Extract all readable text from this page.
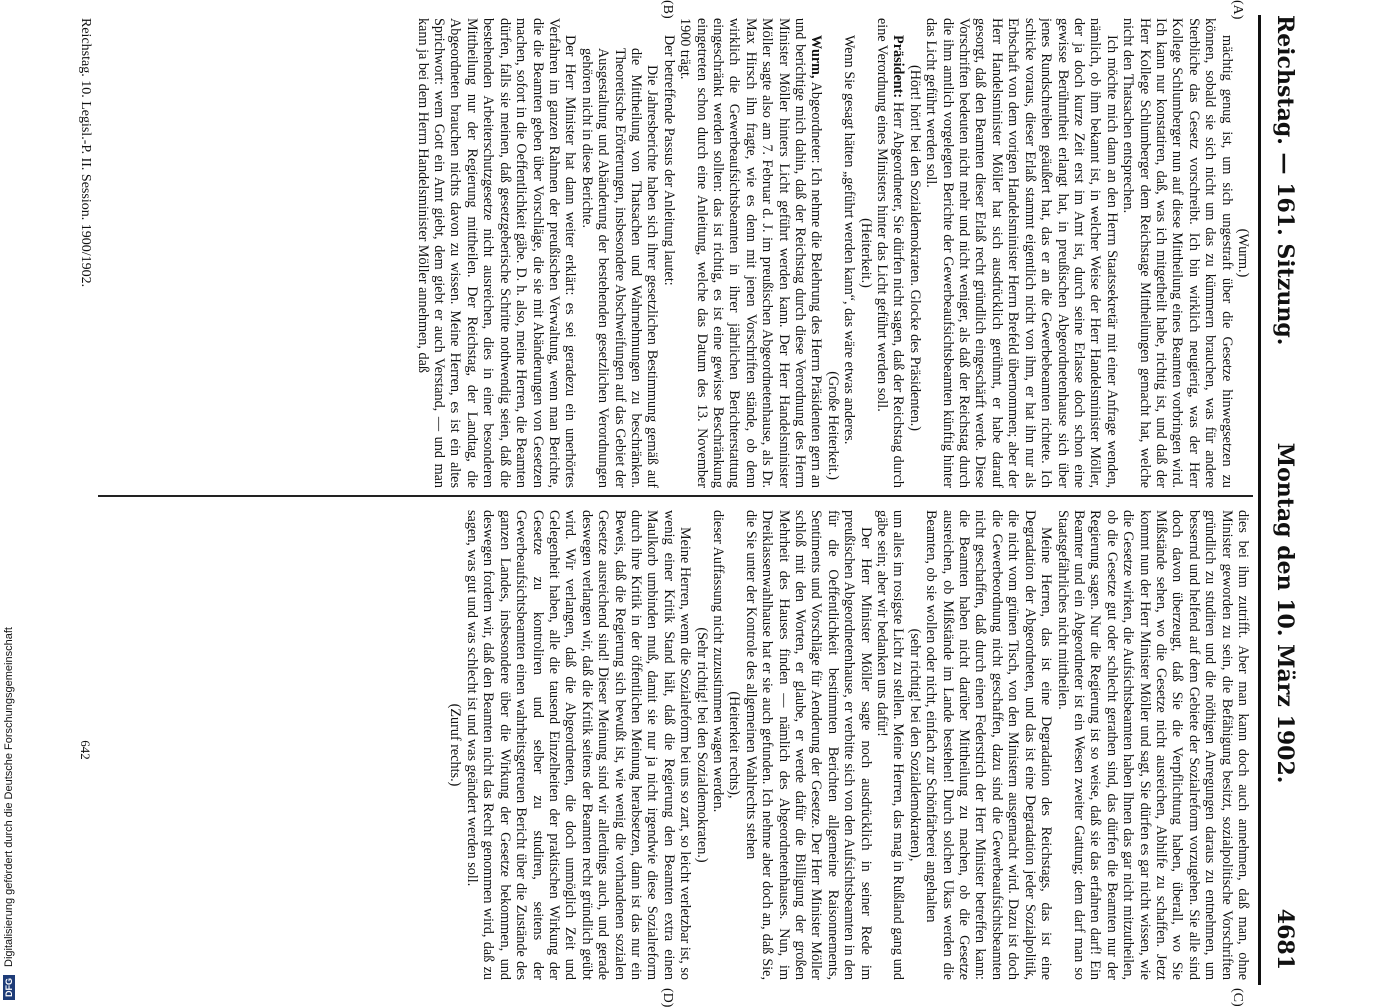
Reichstag. — 161. Sitzung.
Montag den 10. März 1902.  4681
(A)
(B)
(C)
(D)

(Wurm.)

mächtig genug ist, um sich ungestraft über die Gesetze hinwegsetzen zu können, sobald sie sich nicht um das zu kümmern brauchen, was für andere Sterbliche das Gesetz vorschreibt. Ich bin wirklich neugierig, was der Herr Kollege Schlumberger nun auf diese Mittheilung eines Beamten vorbringen wird. Ich kann nur konstatiren, daß, was ich mitgetheilt habe, richtig ist, und daß der Herr Kollege Schlumberger dem Reichstage Mittheilungen gemacht hat, welche nicht den Thatsachen entsprechen.

Ich möchte mich dann an den Herrn Staatssekretär mit einer Anfrage wenden, nämlich, ob ihm bekannt ist, in welcher Weise der Herr Handelsminister Möller, der ja doch kurze Zeit erst im Amt ist, durch seine Erlasse doch schon eine gewisse Berühmtheit erlangt hat, in preußischen Abgeordnetenhause sich über jenes Rundschreiben geäußert hat, das er an die Gewerbebeamten richtete. Ich schicke voraus, dieser Erlaß stammt eigentlich nicht von ihm, er hat ihn nur als Erbschaft von dem vorigen Handelsminister Herrn Brefeld übernommen; aber der Herr Handelsminister Möller hat sich ausdrücklich gerühmt, er habe darauf gesorgt, daß den Beamten dieser Erlaß recht gründlich eingeschärft werde. Diese Vorschriften bedeuten nicht mehr und nicht weniger, als daß der Reichstag durch die ihm amtlich vorgelegten Berichte der Gewerbeaufsichtsbeamten künftig hinter das Licht geführt werden soll.

(Hört! hört! bei den Sozialdemokraten. Glocke des Präsidenten.)

Präsident: Herr Abgeordneter, Sie dürfen nicht sagen, daß der Reichstag durch eine Verordnung eines Ministers hinter das Licht geführt werden soll.

(Heiterkeit.)

Wenn Sie gesagt hätten „geführt werden kann“, das wäre etwas anderes.

(Große Heiterkeit.)

Wurm, Abgeordneter: Ich nehme die Belehrung des Herrn Präsidenten gern an und berichtige mich dahin, daß der Reichstag durch diese Verordnung des Herrn Minister Möller hinters Licht geführt werden kann. Der Herr Handelsminister Möller sagte also am 7. Februar d. J. im preußischen Abgeordnetenhause, als Dr. Max Hirsch ihn fragte, wie es denn mit jenen Vorschriften stände, ob denn wirklich die Gewerbeaufsichtsbeamten in ihrer jährlichen Berichterstattung eingeschränkt werden sollten: das ist richtig, es ist eine gewisse Beschränkung eingetreten schon durch eine Anleitung, welche das Datum des 13. November 1900 trägt.

Der betreffende Passus der Anleitung lautet:

Die Jahresberichte haben sich ihrer gesetzlichen Bestimmung gemäß auf die Mittheilung von Thatsachen und Wahrnehmungen zu beschränken. Theoretische Erörterungen, insbesondere Abschweifungen auf das Gebiet der Ausgestaltung und Abänderung der bestehenden gesetzlichen Verordnungen gehören nicht in diese Berichte.

Der Herr Minister hat dann weiter erklärt: es sei geradezu ein unerhörtes Verfahren im ganzen Rahmen der preußischen Verwaltung, wenn man Berichte, die die Beamten geben über Vorschläge, die sie mit Abänderungen von Gesetzen machen, sofort in die Oeffentlichkeit gäbe. D. h. also, meine Herren, die Beamten dürfen, falls sie meinen, daß gesetzgeberische Schritte nothwendig seien, daß die bestehenden Arbeiterschutzgesetze nicht ausreichen, dies in einer besonderen Mittheilung nur der Regierung mittheilen. Der Reichstag, der Landtag, die Abgeordneten brauchen nichts davon zu wissen. Meine Herren, es ist ein altes Sprichwort: wem Gott ein Amt giebt, dem giebt er auch Verstand, — und man kann ja bei dem Herrn Handelsminister Möller annehmen, daß

dies bei ihm zutrifft. Aber man kann doch auch annehmen, daß man, ohne Minister geworden zu sein, die Befähigung besitzt, sozialpolitische Vorschriften gründlich zu studiren und die nöthigen Anregungen daraus zu entnehmen, um bessernd und helfend auf dem Gebiete der Sozialreform vorzugehen. Sie alle sind doch davon überzeugt, daß Sie die Verpflichtung haben, überall, wo Sie Mißstände sehen, wo die Gesetze nicht ausreichen, Abhilfe zu schaffen. Jetzt kommt nun der Herr Minister Möller und sagt, Sie dürfen es gar nicht wissen, wie die Gesetze wirken, die Aufsichtsbeamten haben Ihnen das gar nicht mitzutheilen, ob die Gesetze gut oder schlecht gerathen sind, das dürfen die Beamten nur der Regierung sagen. Nur die Regierung ist so weise, daß sie das erfahren darf! Ein Beamter und ein Abgeordneter ist ein Wesen zweiter Gattung; dem darf man so Staatsgefährliches nicht mittheilen.

Meine Herren, das ist eine Degradation des Reichstags, das ist eine Degradation der Abgeordneten, und das ist eine Degradation jeder Sozialpolitik, die nicht vom grünen Tisch, von den Ministern ausgemacht wird. Dazu ist doch die Gewerbeordnung nicht geschaffen, dazu sind die Gewerbeaufsichtsbeamten nicht geschaffen, daß durch einen Federstrich der Herr Minister betreffen kann: die Beamten haben nicht darüber Mittheilung zu machen, ob die Gesetze ausreichen, ob Mißstände im Lande bestehen! Durch solchen Ukas werden die Beamten, ob sie wollen oder nicht, einfach zur Schönfärberei angehalten

(sehr richtig! bei den Sozialdemokraten),

um alles im rosigste Licht zu stellen. Meine Herren, das mag in Rußland gang und gäbe sein; aber wir bedanken uns dafür!

Der Herr Minister Möller sagte noch ausdrücklich in seiner Rede im preußischen Abgeordnetenhause, er verbitte sich von den Aufsichtsbeamten in den für die Oeffentlichkeit bestimmten Berichten allgemeine Raisonnements, Sentiments und Vorschläge für Aenderung der Gesetze. Der Herr Minister Möller schloß mit den Worten, er glaube, er werde dafür die Billigung der großen Mehrheit des Hauses finden — nämlich des Abgeordnetenhauses. Nun, im Dreiklassenwahlhause hat er sie auch gefunden. Ich nehme aber doch an, daß Sie, die Sie unter der Kontrole des allgemeinen Wahlrechts stehen

(Heiterkeit rechts),

dieser Auffassung nicht zuzustimmen wagen werden.

(Sehr richtig! bei den Sozialdemokraten.)

Meine Herren, wenn die Sozialreform bei uns so zart, so leicht verletzbar ist, so wenig einer Kritik Stand hält, daß die Regierung den Beamten extra einen Maulkorb umbinden muß, damit sie nur ja nicht irgendwie diese Sozialreform durch ihre Kritik in der öffentlichen Meinung herabsetzen, dann ist das nur ein Beweis, daß die Regierung sich bewußt ist, wie wenig die vorhandenen sozialen Gesetze ausreichend sind! Dieser Meinung sind wir allerdings auch, und gerade deswegen verlangen wir, daß die Kritik seitens der Beamten recht gründlich geübt wird. Wir verlangen, daß die Abgeordneten, die doch unmöglich Zeit und Gelegenheit haben, alle die tausend Einzelheiten der praktischen Wirkung der Gesetze zu kontroliren und selber zu studiren, seitens der Gewerbeaufsichtsbeamten einen wahrheitsgetreuen Bericht über die Zustände des ganzen Landes, insbesondere über die Wirkung der Gesetze bekommen, und deswegen fordern wir, daß den Beamten nicht das Recht genommen wird, daß zu sagen, was gut und was schlecht ist und was geändert werden soll.

(Zuruf rechts.)

Reichstag. 10. Legisl.-P. II. Session. 1900/1902.
642
DFG
Digitalisierung gefördert durch die Deutsche Forschungsgemeinschaft
